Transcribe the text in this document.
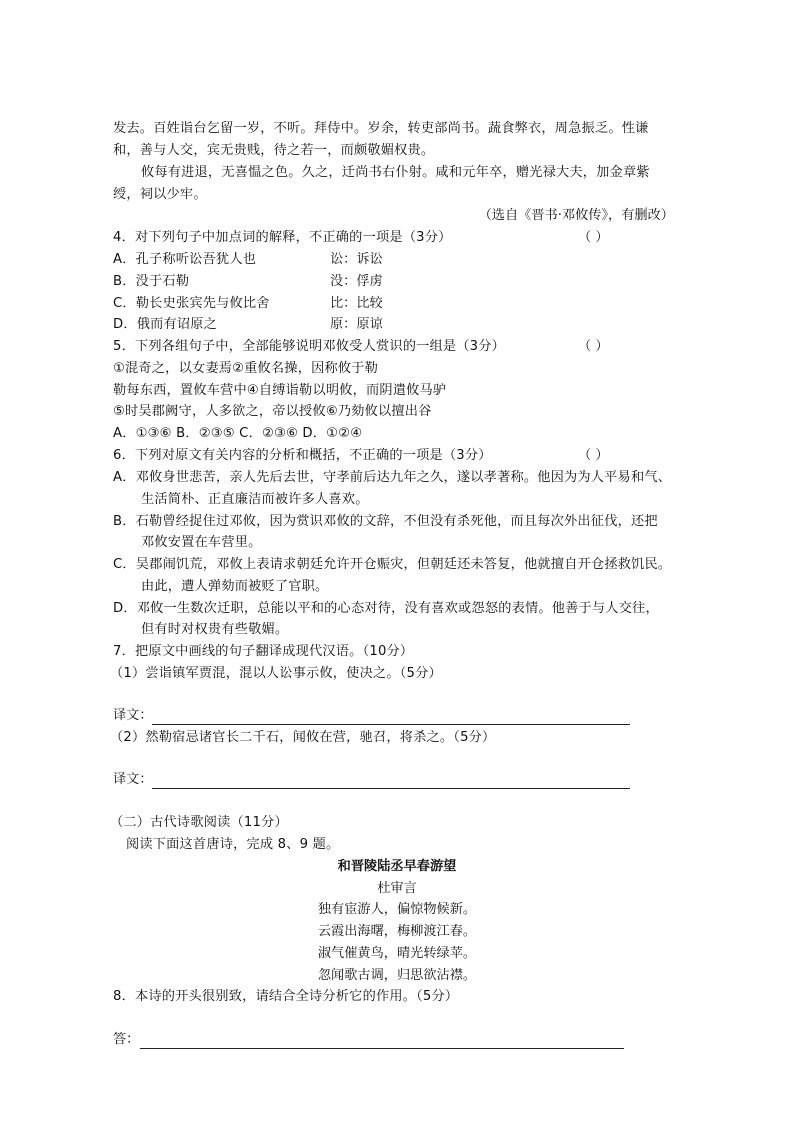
发去。百姓诣台乞留一岁，不听。拜侍中。岁余，转吏部尚书。蔬食弊衣，周急振乏。性谦
和，善与人交，宾无贵贱，待之若一，而颇敬媚权贵。
攸每有进退，无喜愠之色。久之，迁尚书右仆射。咸和元年卒，赠光禄大夫，加金章紫
绶，祠以少牢。
（选自《晋书·邓攸传》，有删改）
4．对下列句子中加点词的解释，不正确的一项是（3分）	（ ）
A．孔子称听讼吾犹人也	讼：诉讼
B．没于石勒	没：俘虏
C．勒长史张宾先与攸比舍	比：比较
D．俄而有诏原之	原：原谅
5．下列各组句子中，全部能够说明邓攸受人赏识的一组是（3分）	（ ）
①混奇之，以女妻焉②重攸名操，因称攸于勒
勒每东西，置攸车营中④自缚诣勒以明攸，而阴遣攸马驴
⑤时吴郡阙守，人多欲之，帝以授攸⑥乃劾攸以擅出谷
A．①③⑥ B．②③⑤ C．②③⑥ D．①②④
6．下列对原文有关内容的分析和概括，不正确的一项是（3分）	（ ）
A．邓攸身世悲苦，亲人先后去世，守孝前后达九年之久，遂以孝著称。他因为为人平易和气、
生活简朴、正直廉洁而被许多人喜欢。
B．石勒曾经捉住过邓攸，因为赏识邓攸的文辞，不但没有杀死他，而且每次外出征伐，还把
邓攸安置在车营里。
C．吴郡闹饥荒，邓攸上表请求朝廷允许开仓赈灾，但朝廷还未答复，他就擅自开仓拯救饥民。
由此，遭人弹劾而被贬了官职。
D．邓攸一生数次迁职，总能以平和的心态对待，没有喜欢或怨怒的表情。他善于与人交往，
但有时对权贵有些敬媚。
7．把原文中画线的句子翻译成现代汉语。（10分）
（1）尝诣镇军贾混，混以人讼事示攸，使决之。（5分）
译文：
（2）然勒宿忌诸官长二千石，闻攸在营，驰召，将杀之。（5分）
译文：
（二）古代诗歌阅读（11分）
阅读下面这首唐诗，完成 8、9 题。
和晋陵陆丞早春游望
杜审言
独有宦游人，偏惊物候新。
云霞出海曙，梅柳渡江春。
淑气催黄鸟，晴光转绿苹。
忽闻歌古调，归思欲沾襟。
8．本诗的开头很别致，请结合全诗分析它的作用。（5分）
答：
